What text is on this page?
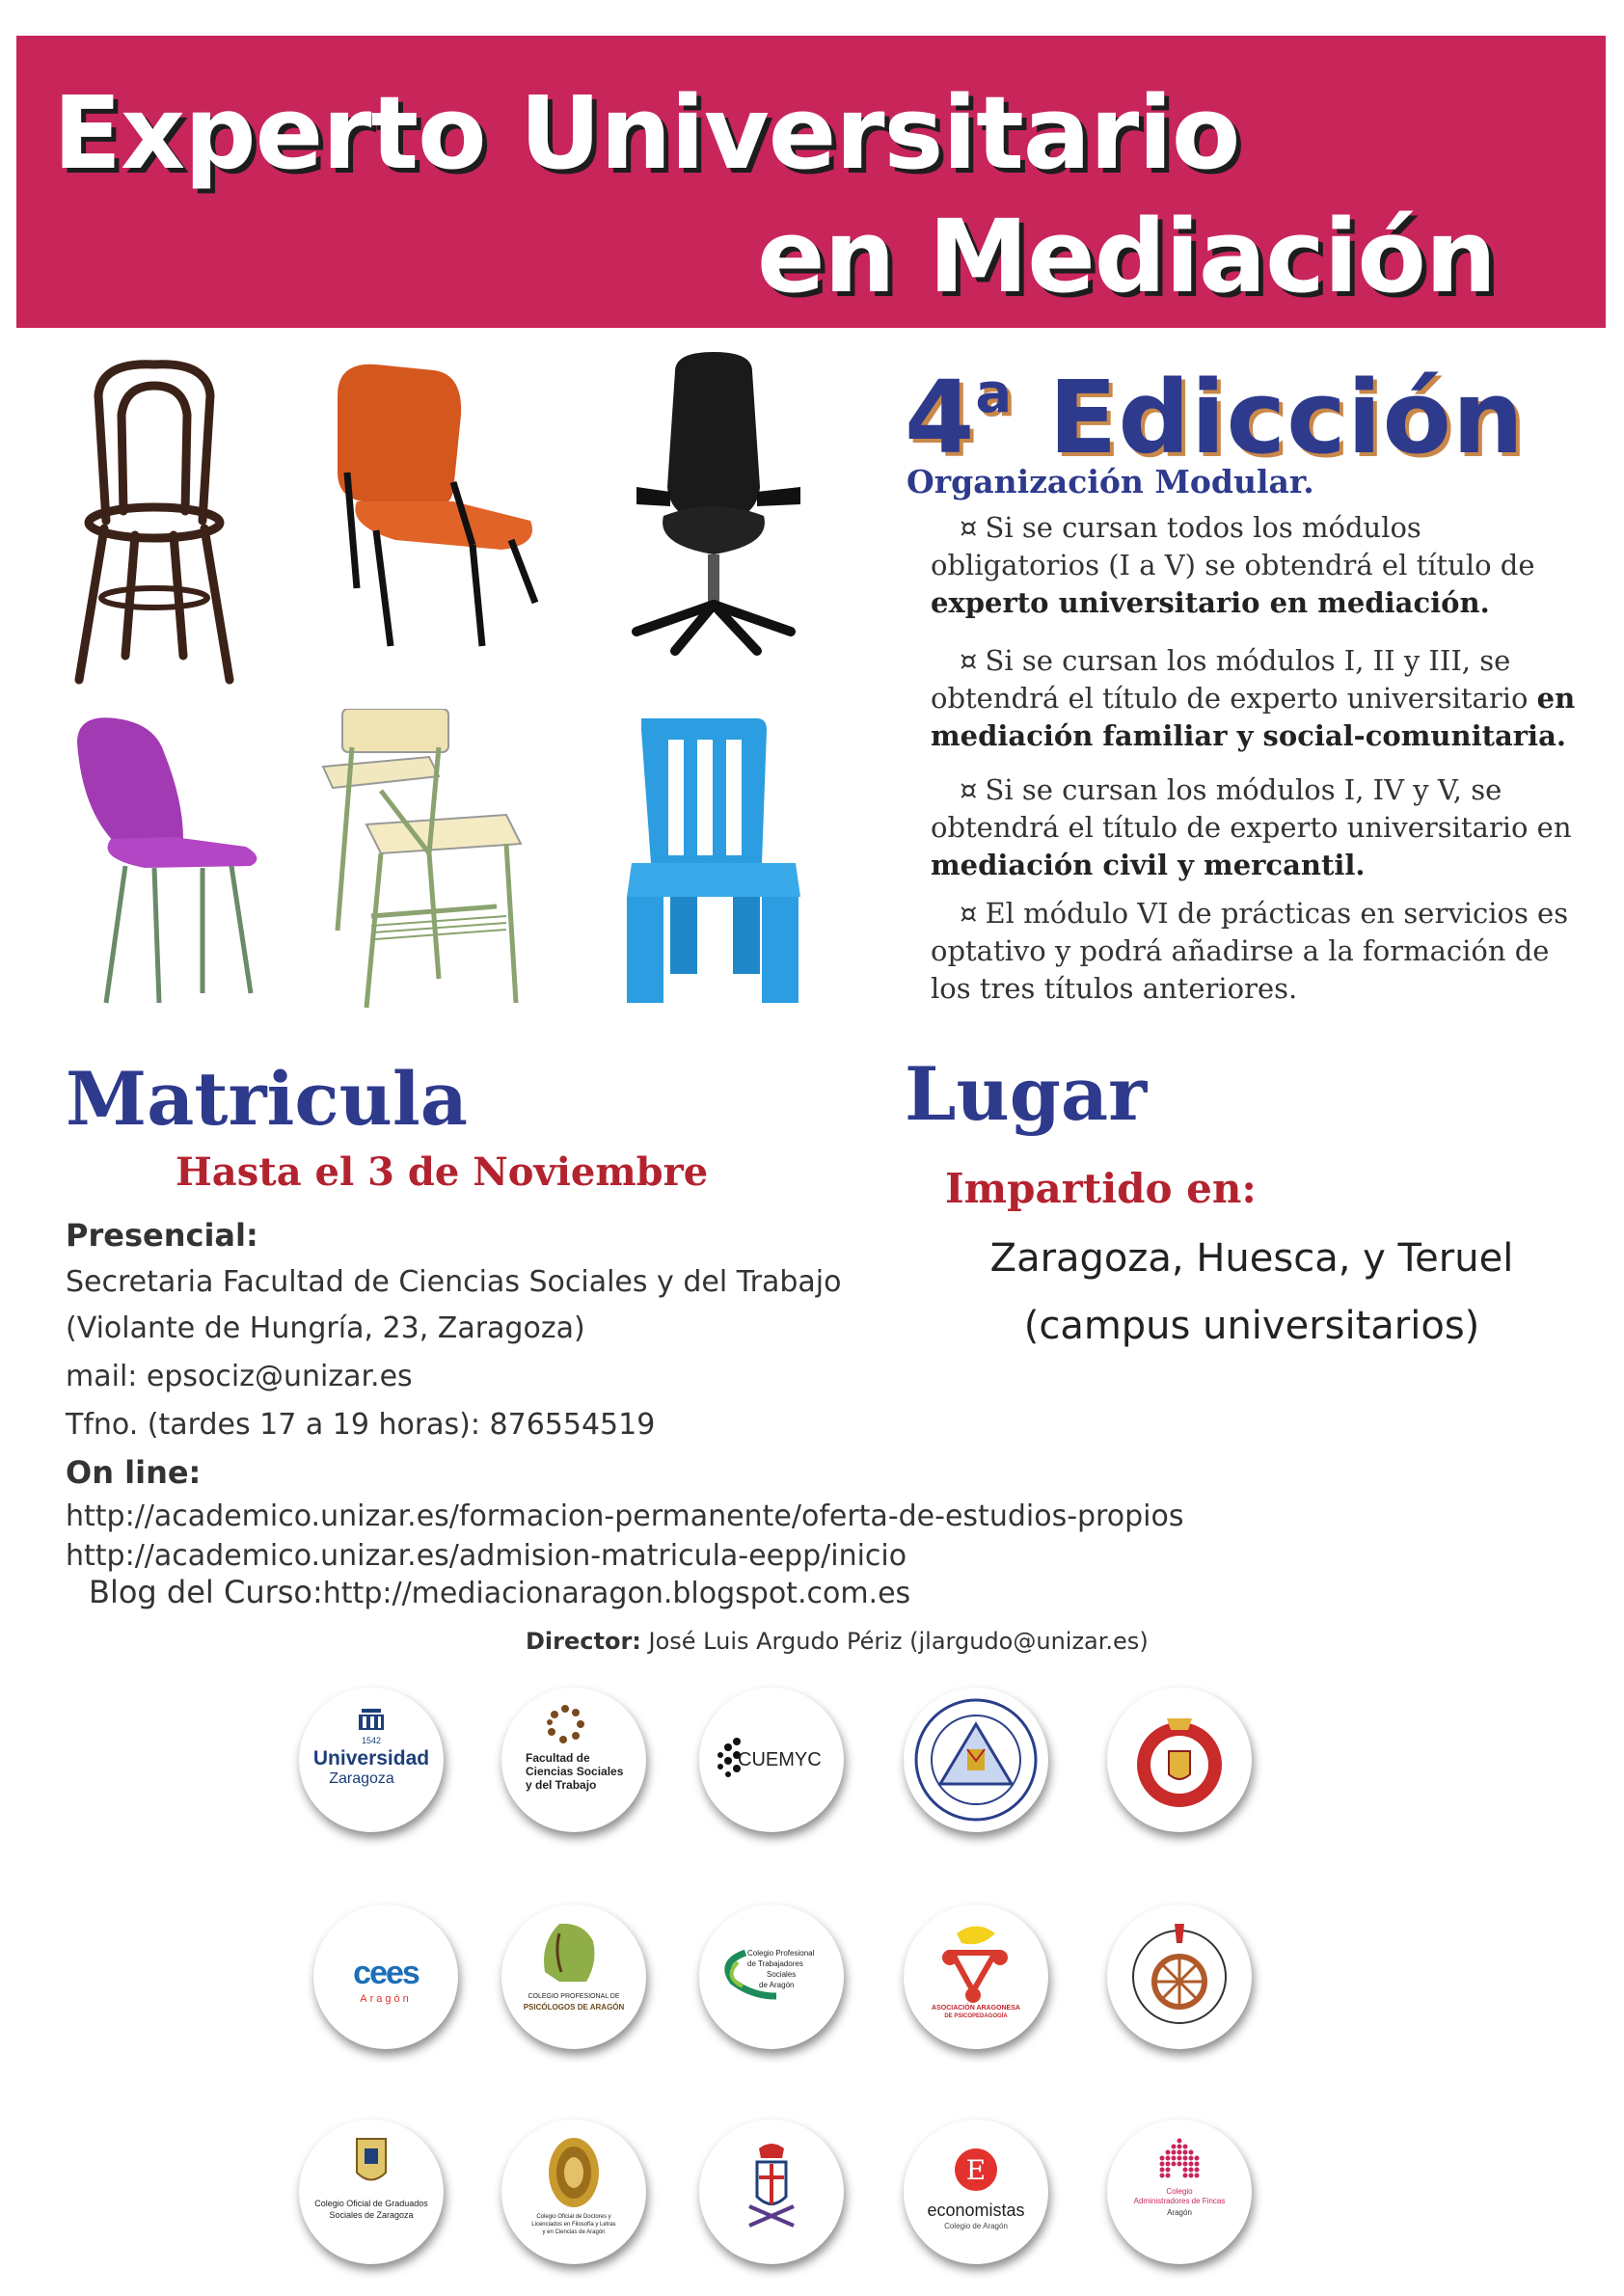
Experto Universitario
en Mediación
4$^a$ Edicción
Organización Modular.
¤ Si se cursan todos los módulos obligatorios (I a V) se obtendrá el título de experto universitario en mediación.
¤ Si se cursan los módulos I, II y III, se obtendrá el título de experto universitario en mediación familiar y social-comunitaria.
¤ Si se cursan los módulos I, IV y V, se obtendrá el título de experto universitario en mediación civil y mercantil.
¤ El módulo VI de prácticas en servicios es optativo y podrá añadirse a la formación de los tres títulos anteriores.
Matricula
Hasta el 3 de Noviembre
Presencial:
Secretaria Facultad de Ciencias Sociales y del Trabajo
(Violante de Hungría, 23, Zaragoza)
mail: epsociz@unizar.es
Tfno. (tardes 17 a 19 horas): 876554519
On line:
http://academico.unizar.es/formacion-permanente/oferta-de-estudios-propios
http://academico.unizar.es/admision-matricula-eepp/inicio
Blog del Curso:http://mediacionaragon.blogspot.com.es
Director: José Luis Argudo Périz (jlargudo@unizar.es)
Lugar
Impartido en:
Zaragoza, Huesca, y Teruel
(campus universitarios)
1542
Universidad
Zaragoza
Facultad de
Ciencias Sociales
y del Trabajo
CUEMYC
cees
Aragón	COLEGIO PROFESIONAL DE
PSICÓLOGOS DE ARAGÓN
Colegio Profesional
de Trabajadores
Sociales
de Aragón
ASOCIACIÓN ARAGONESA
DE PSICOPEDAGOGÍA
Colegio Oficial de Graduados
Sociales de Zaragoza	Colegio Oficial de Doctores y
Licenciados en Filosofía y Letras
y en Ciencias de Aragón
E
economistas
Colegio de Aragón
Colegio
Administradores de Fincas
Aragón
